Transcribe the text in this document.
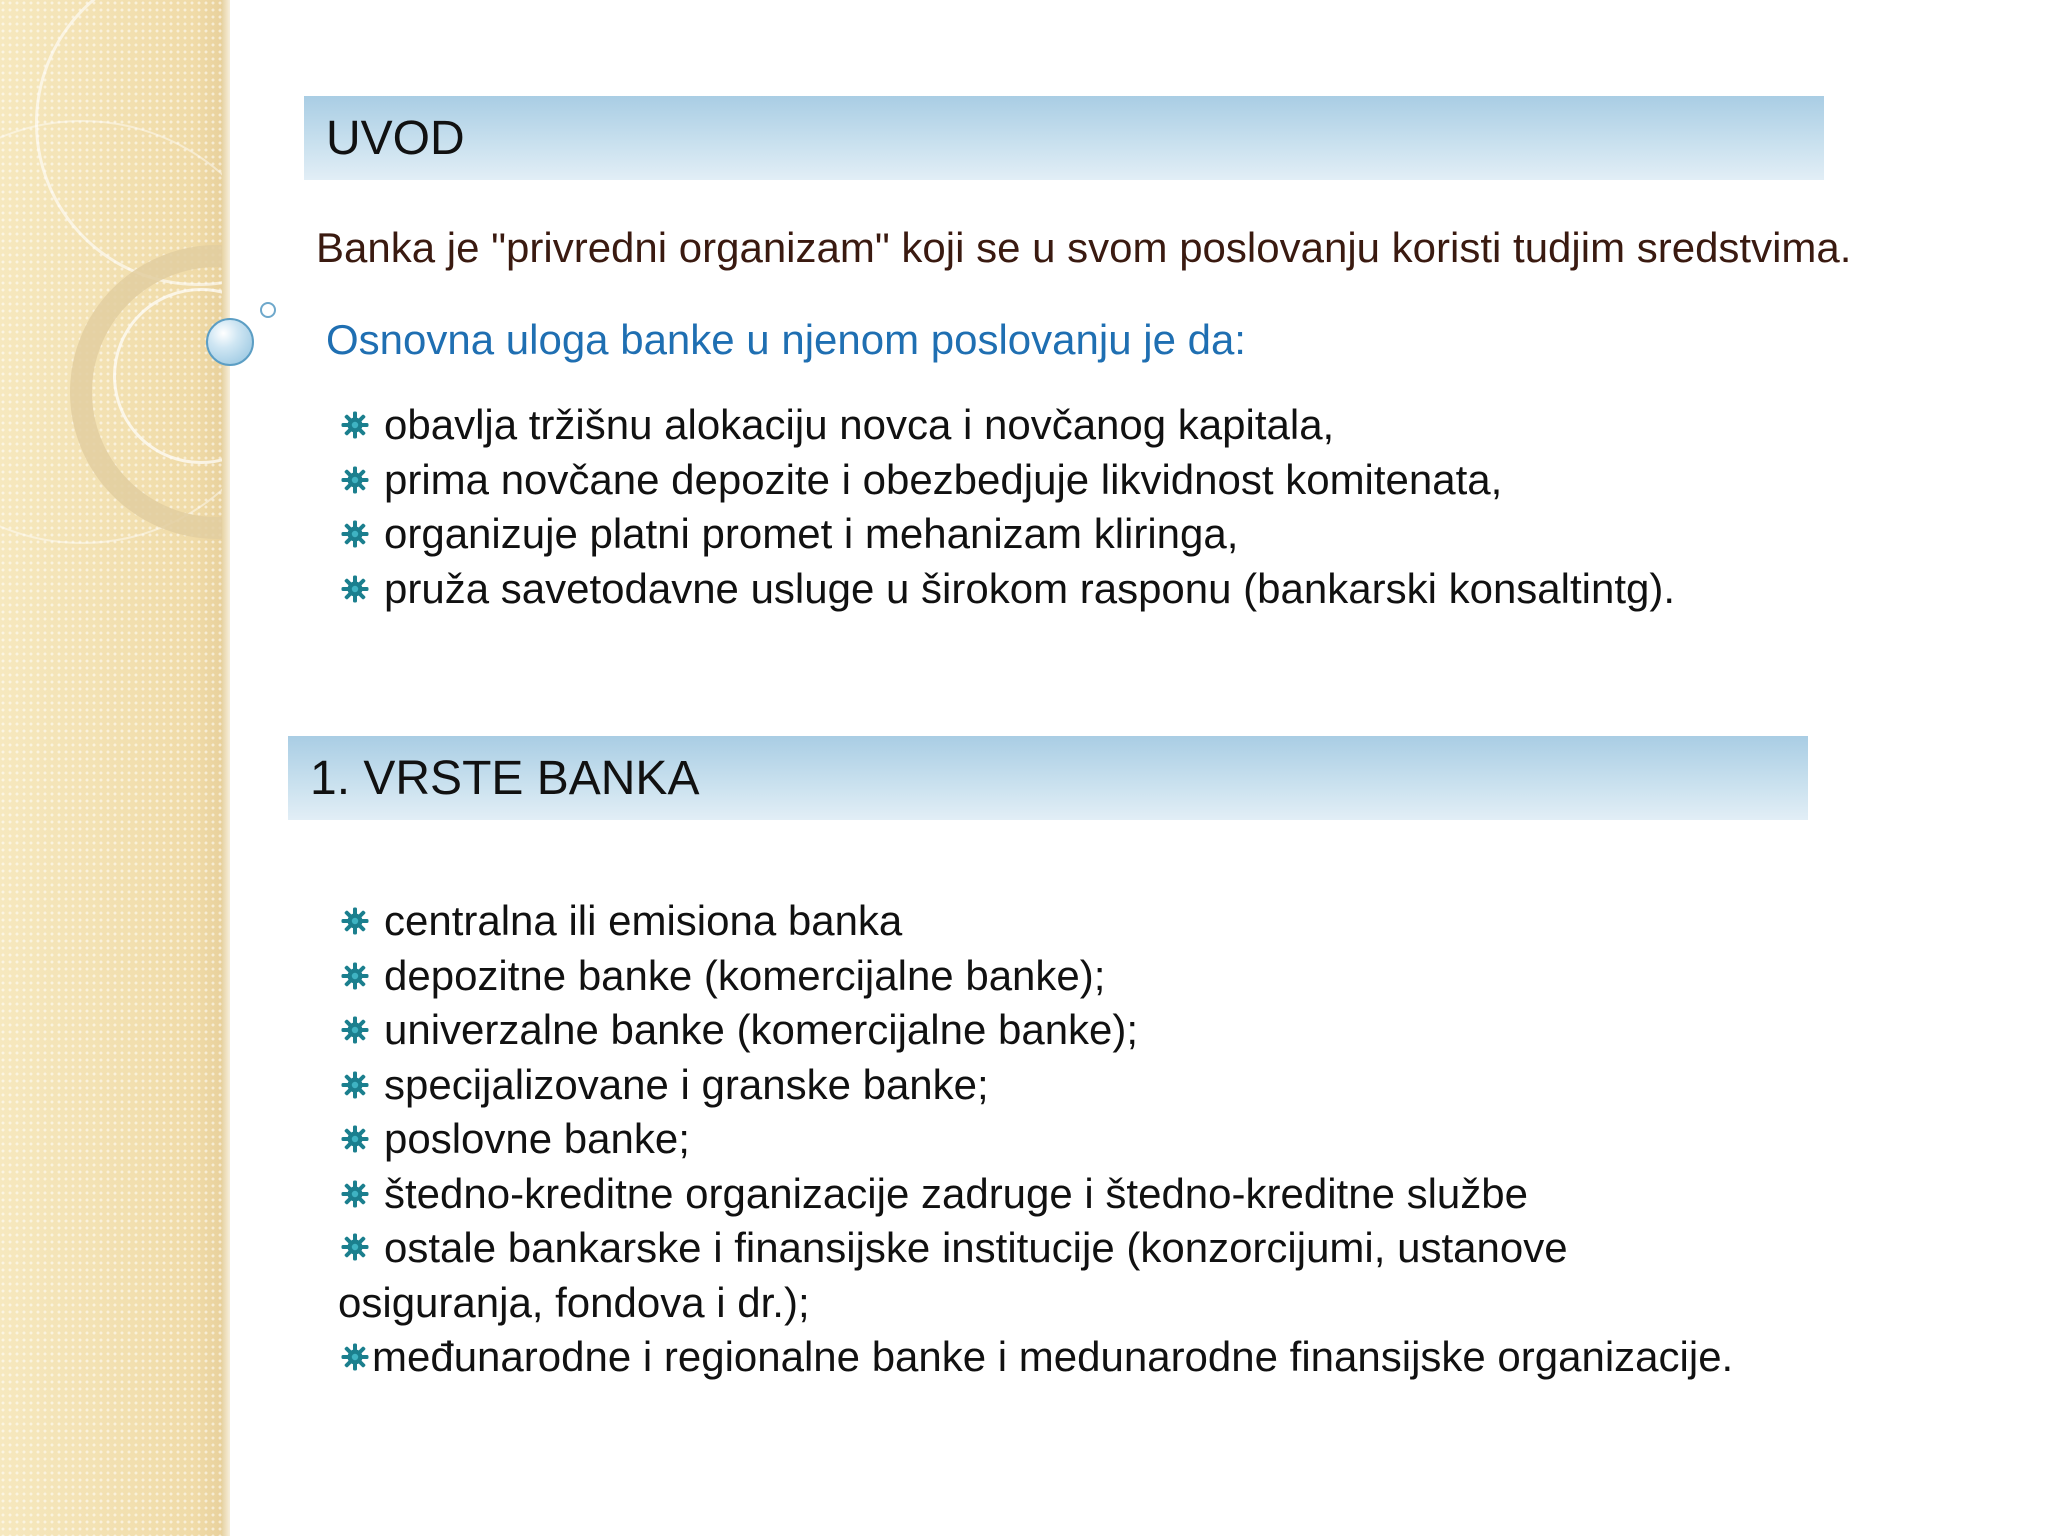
UVOD
Banka je "privredni organizam" koji se u svom poslovanju koristi tudjim sredstvima.
Osnovna uloga banke u njenom poslovanju je da:
obavlja tržišnu alokaciju novca i novčanog kapitala,
prima novčane depozite i obezbedjuje likvidnost komitenata,
organizuje platni promet i mehanizam kliringa,
pruža savetodavne usluge u širokom rasponu (bankarski konsaltintg).
1. VRSTE BANKA
centralna ili emisiona banka
depozitne banke (komercijalne banke);
univerzalne banke (komercijalne banke);
specijalizovane i granske banke;
poslovne banke;
štedno-kreditne organizacije zadruge i štedno-kreditne službe
ostale bankarske i finansijske institucije (konzorcijumi, ustanove
osiguranja, fondova i dr.);
međunarodne i regionalne banke i medunarodne finansijske organizacije.
